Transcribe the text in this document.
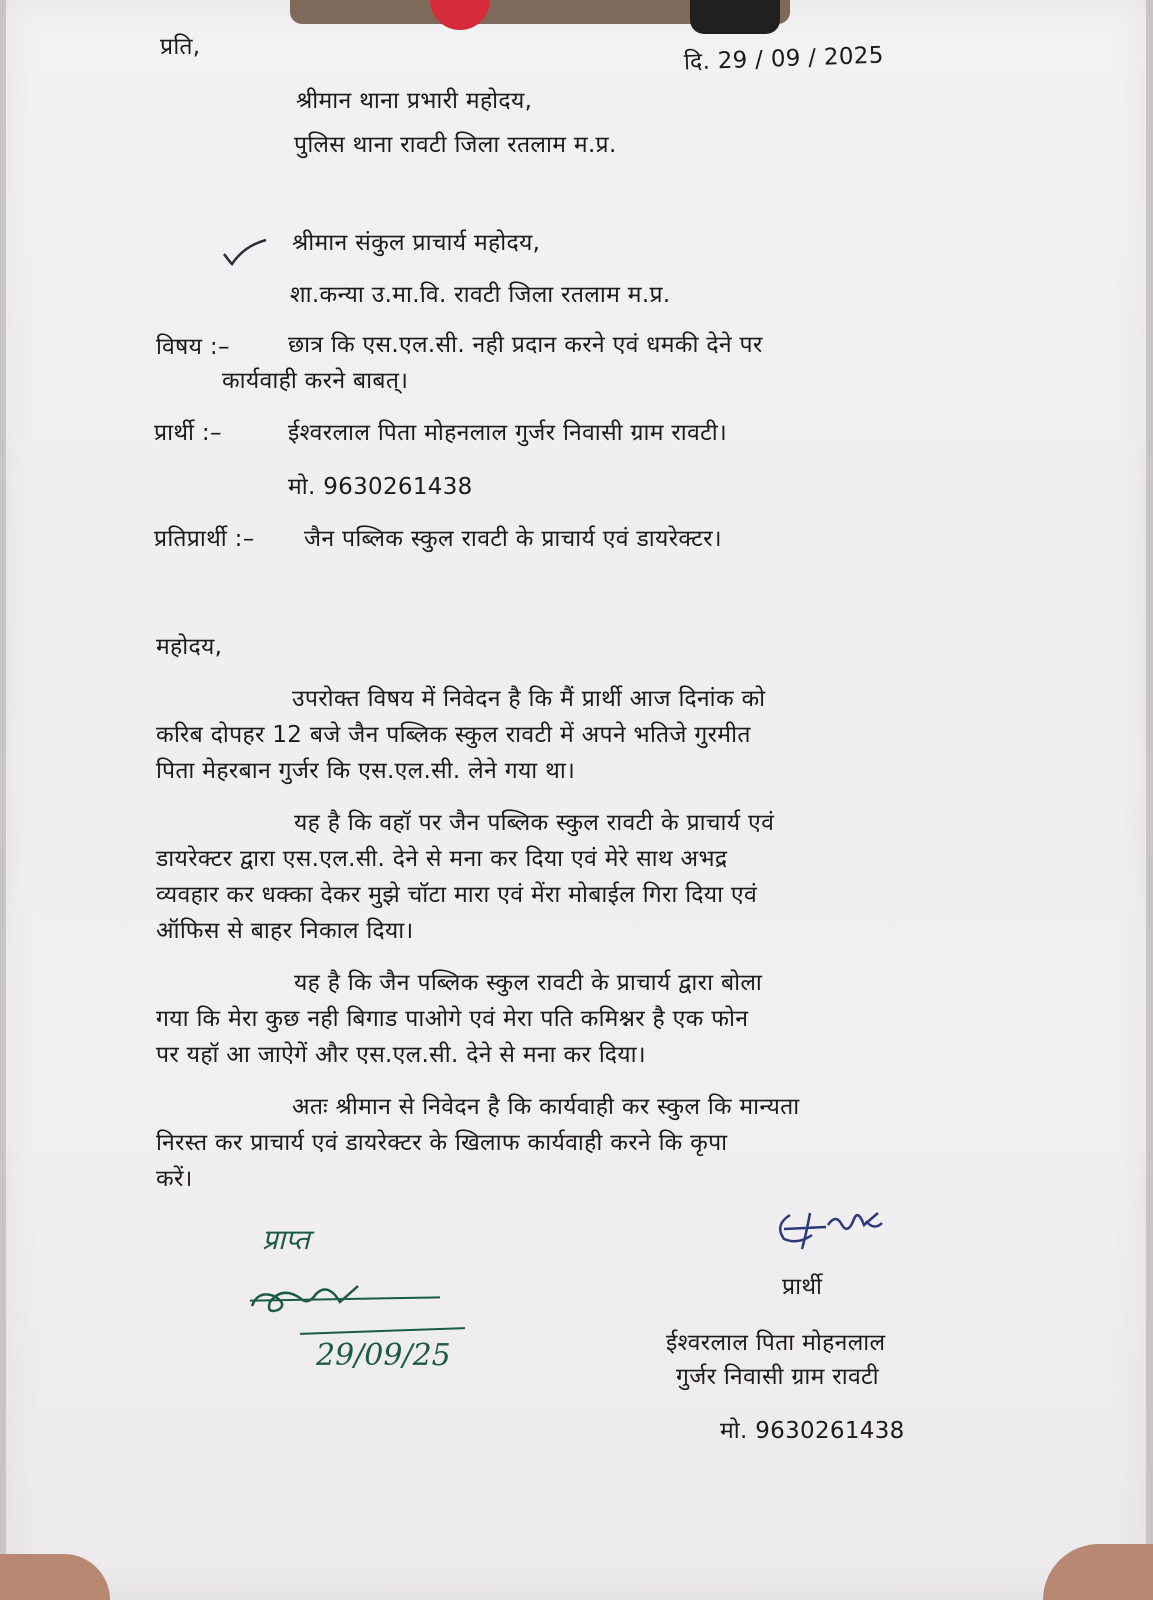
प्रति,	दि. 29 / 09 / 2025
श्रीमान थाना प्रभारी महोदय,
पुलिस थाना रावटी जिला रतलाम म.प्र.
श्रीमान संकुल प्राचार्य महोदय,
शा.कन्या उ.मा.वि. रावटी जिला रतलाम म.प्र.
विषय :–	छात्र कि एस.एल.सी. नही प्रदान करने एवं धमकी देने पर
कार्यवाही करने बाबत्।
प्रार्थी :–	ईश्वरलाल पिता मोहनलाल गुर्जर निवासी ग्राम रावटी।
मो. 9630261438
प्रतिप्रार्थी :– जैन पब्लिक स्कुल रावटी के प्राचार्य एवं डायरेक्टर।
महोदय,
उपरोक्त विषय में निवेदन है कि मैं प्रार्थी आज दिनांक को
करिब दोपहर 12 बजे जैन पब्लिक स्कुल रावटी में अपने भतिजे गुरमीत
पिता मेहरबान गुर्जर कि एस.एल.सी. लेने गया था।
यह है कि वहॉ पर जैन पब्लिक स्कुल रावटी के प्राचार्य एवं
डायरेक्टर द्वारा एस.एल.सी. देने से मना कर दिया एवं मेरे साथ अभद्र
व्यवहार कर धक्का देकर मुझे चॉटा मारा एवं मेंरा मोबाईल गिरा दिया एवं
ऑफिस से बाहर निकाल दिया।
यह है कि जैन पब्लिक स्कुल रावटी के प्राचार्य द्वारा बोला
गया कि मेरा कुछ नही बिगाड पाओगे एवं मेरा पति कमिश्नर है एक फोन
पर यहॉ आ जाऐगें और एस.एल.सी. देने से मना कर दिया।
अतः श्रीमान से निवेदन है कि कार्यवाही कर स्कुल कि मान्यता
निरस्त कर प्राचार्य एवं डायरेक्टर के खिलाफ कार्यवाही करने कि कृपा
करें।
प्रार्थी
ईश्वरलाल पिता मोहनलाल
गुर्जर निवासी ग्राम रावटी
मो. 9630261438
प्राप्त
29/09/25
